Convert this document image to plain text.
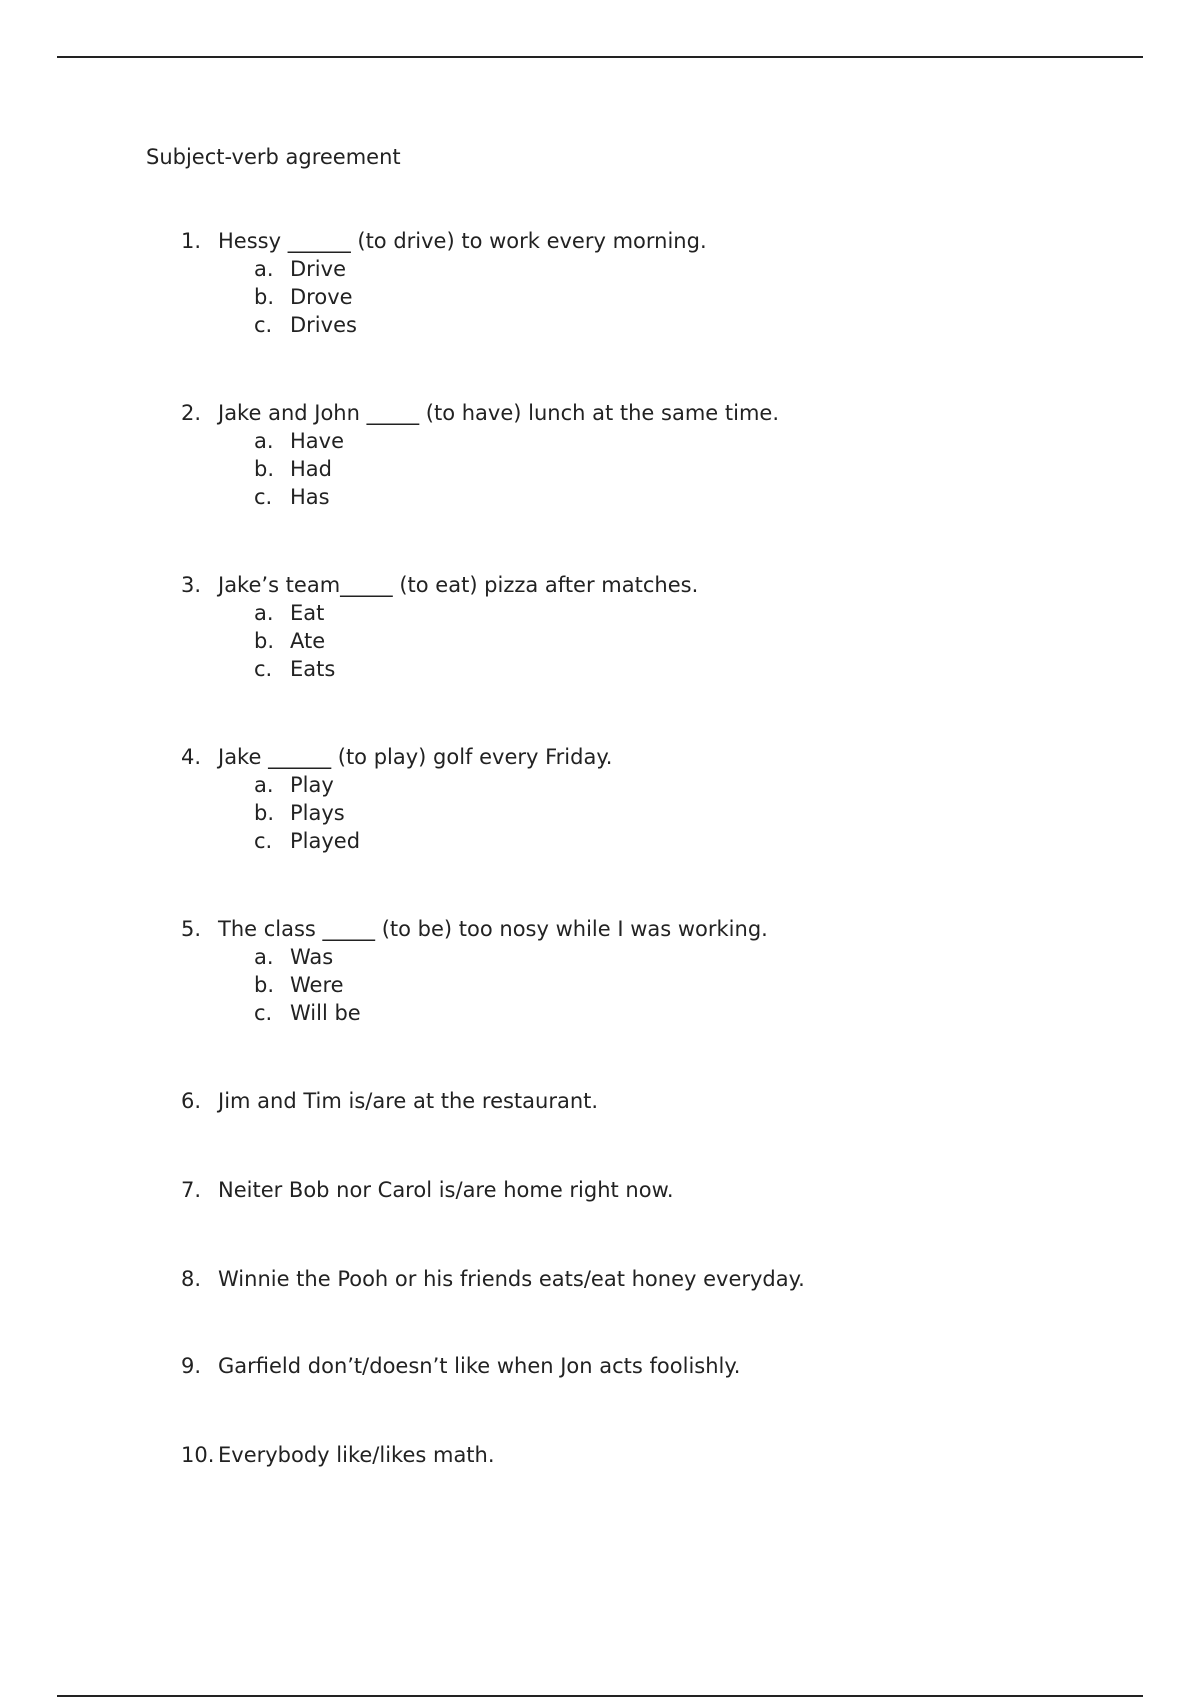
Subject-verb agreement
1. Hessy ______ (to drive) to work every morning.
a. Drive
b. Drove
c. Drives
2. Jake and John _____ (to have) lunch at the same time.
a. Have
b. Had
c. Has
3. Jake’s team_____ (to eat) pizza after matches.
a. Eat
b. Ate
c. Eats
4. Jake ______ (to play) golf every Friday.
a. Play
b. Plays
c. Played
5. The class _____ (to be) too nosy while I was working.
a. Was
b. Were
c. Will be
6. Jim and Tim is/are at the restaurant.
7. Neiter Bob nor Carol is/are home right now.
8. Winnie the Pooh or his friends eats/eat honey everyday.
9. Garfield don’t/doesn’t like when Jon acts foolishly.
10. Everybody like/likes math.
